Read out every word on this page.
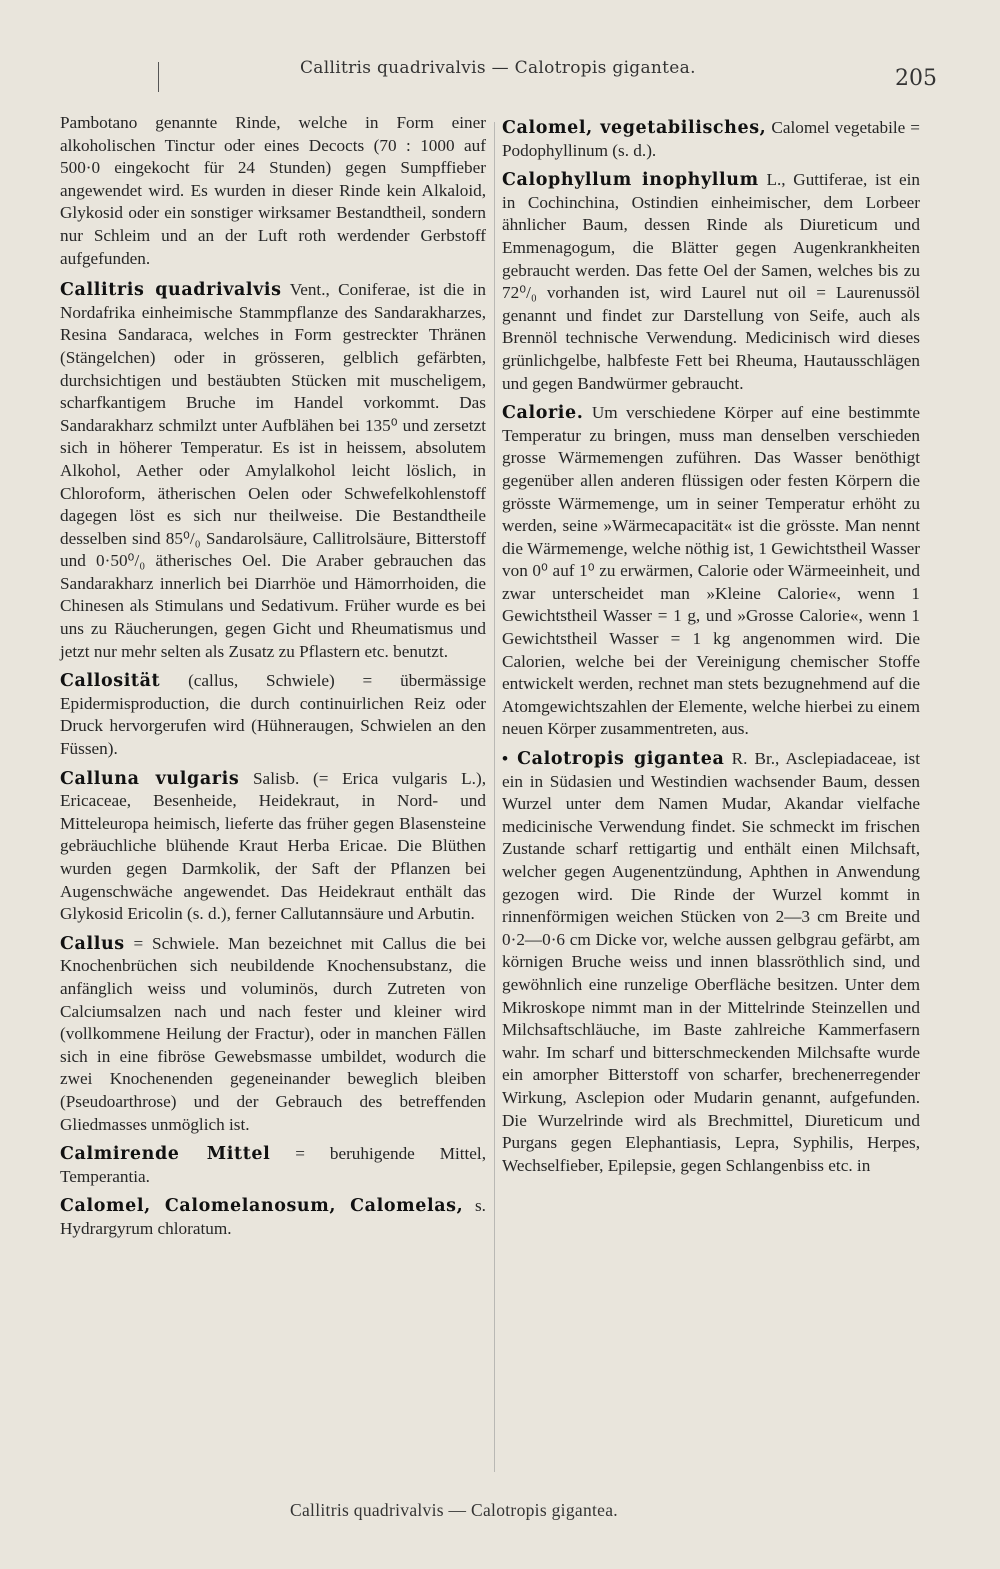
Callitris quadrivalvis — Calotropis gigantea.	205

Pambotano genannte Rinde, welche in Form einer alkoholischen Tinctur oder eines Decocts (70 : 1000 auf 500·0 eingekocht für 24 Stunden) gegen Sumpffieber angewendet wird. Es wurden in dieser Rinde kein Alkaloid, Glykosid oder ein sonstiger wirksamer Bestandtheil, sondern nur Schleim und an der Luft roth werdender Gerbstoff aufgefunden.

Callitris quadrivalvis Vent., Coniferae, ist die in Nordafrika einheimische Stammpflanze des Sandarakharzes, Resina Sandaraca, welches in Form gestreckter Thränen (Stängelchen) oder in grösseren, gelblich gefärbten, durchsichtigen und bestäubten Stücken mit muscheligem, scharfkantigem Bruche im Handel vorkommt. Das Sandarakharz schmilzt unter Aufblähen bei 135⁰ und zersetzt sich in höherer Temperatur. Es ist in heissem, absolutem Alkohol, Aether oder Amylalkohol leicht löslich, in Chloroform, ätherischen Oelen oder Schwefelkohlenstoff dagegen löst es sich nur theilweise. Die Bestandtheile desselben sind 85⁰/₀ Sandarolsäure, Callitrolsäure, Bitterstoff und 0·50⁰/₀ ätherisches Oel. Die Araber gebrauchen das Sandarakharz innerlich bei Diarrhöe und Hämorrhoiden, die Chinesen als Stimulans und Sedativum. Früher wurde es bei uns zu Räucherungen, gegen Gicht und Rheumatismus und jetzt nur mehr selten als Zusatz zu Pflastern etc. benutzt.

Callosität (callus, Schwiele) = übermässige Epidermisproduction, die durch continuirlichen Reiz oder Druck hervorgerufen wird (Hühneraugen, Schwielen an den Füssen).

Calluna vulgaris Salisb. (= Erica vulgaris L.), Ericaceae, Besenheide, Heidekraut, in Nord- und Mitteleuropa heimisch, lieferte das früher gegen Blasensteine gebräuchliche blühende Kraut Herba Ericae. Die Blüthen wurden gegen Darmkolik, der Saft der Pflanzen bei Augenschwäche angewendet. Das Heidekraut enthält das Glykosid Ericolin (s. d.), ferner Callutannsäure und Arbutin.

Callus = Schwiele. Man bezeichnet mit Callus die bei Knochenbrüchen sich neubildende Knochensubstanz, die anfänglich weiss und voluminös, durch Zutreten von Calciumsalzen nach und nach fester und kleiner wird (vollkommene Heilung der Fractur), oder in manchen Fällen sich in eine fibröse Gewebsmasse umbildet, wodurch die zwei Knochenenden gegeneinander beweglich bleiben (Pseudoarthrose) und der Gebrauch des betreffenden Gliedmasses unmöglich ist.

Calmirende Mittel = beruhigende Mittel, Temperantia.

Calomel, Calomelanosum, Calomelas, s. Hydrargyrum chloratum.

Calomel, vegetabilisches, Calomel vegetabile = Podophyllinum (s. d.).

Calophyllum inophyllum L., Guttiferae, ist ein in Cochinchina, Ostindien einheimischer, dem Lorbeer ähnlicher Baum, dessen Rinde als Diureticum und Emmenagogum, die Blätter gegen Augenkrankheiten gebraucht werden. Das fette Oel der Samen, welches bis zu 72⁰/₀ vorhanden ist, wird Laurel nut oil = Laurenussöl genannt und findet zur Darstellung von Seife, auch als Brennöl technische Verwendung. Medicinisch wird dieses grünlichgelbe, halbfeste Fett bei Rheuma, Hautausschlägen und gegen Bandwürmer gebraucht.

Calorie. Um verschiedene Körper auf eine bestimmte Temperatur zu bringen, muss man denselben verschieden grosse Wärmemengen zuführen. Das Wasser benöthigt gegenüber allen anderen flüssigen oder festen Körpern die grösste Wärmemenge, um in seiner Temperatur erhöht zu werden, seine »Wärmecapacität« ist die grösste. Man nennt die Wärmemenge, welche nöthig ist, 1 Gewichtstheil Wasser von 0⁰ auf 1⁰ zu erwärmen, Calorie oder Wärmeeinheit, und zwar unterscheidet man »Kleine Calorie«, wenn 1 Gewichtstheil Wasser = 1 g, und »Grosse Calorie«, wenn 1 Gewichtstheil Wasser = 1 kg angenommen wird. Die Calorien, welche bei der Vereinigung chemischer Stoffe entwickelt werden, rechnet man stets bezugnehmend auf die Atomgewichtszahlen der Elemente, welche hierbei zu einem neuen Körper zusammentreten, aus.

• Calotropis gigantea R. Br., Asclepiadaceae, ist ein in Südasien und Westindien wachsender Baum, dessen Wurzel unter dem Namen Mudar, Akandar vielfache medicinische Verwendung findet. Sie schmeckt im frischen Zustande scharf rettigartig und enthält einen Milchsaft, welcher gegen Augenentzündung, Aphthen in Anwendung gezogen wird. Die Rinde der Wurzel kommt in rinnenförmigen weichen Stücken von 2—3 cm Breite und 0·2—0·6 cm Dicke vor, welche aussen gelbgrau gefärbt, am körnigen Bruche weiss und innen blassröthlich sind, und gewöhnlich eine runzelige Oberfläche besitzen. Unter dem Mikroskope nimmt man in der Mittelrinde Steinzellen und Milchsaftschläuche, im Baste zahlreiche Kammerfasern wahr. Im scharf und bitterschmeckenden Milchsafte wurde ein amorpher Bitterstoff von scharfer, brechenerregender Wirkung, Asclepion oder Mudarin genannt, aufgefunden. Die Wurzelrinde wird als Brechmittel, Diureticum und Purgans gegen Elephantiasis, Lepra, Syphilis, Herpes, Wechselfieber, Epilepsie, gegen Schlangenbiss etc. in

Callitris quadrivalvis — Calotropis gigantea.
